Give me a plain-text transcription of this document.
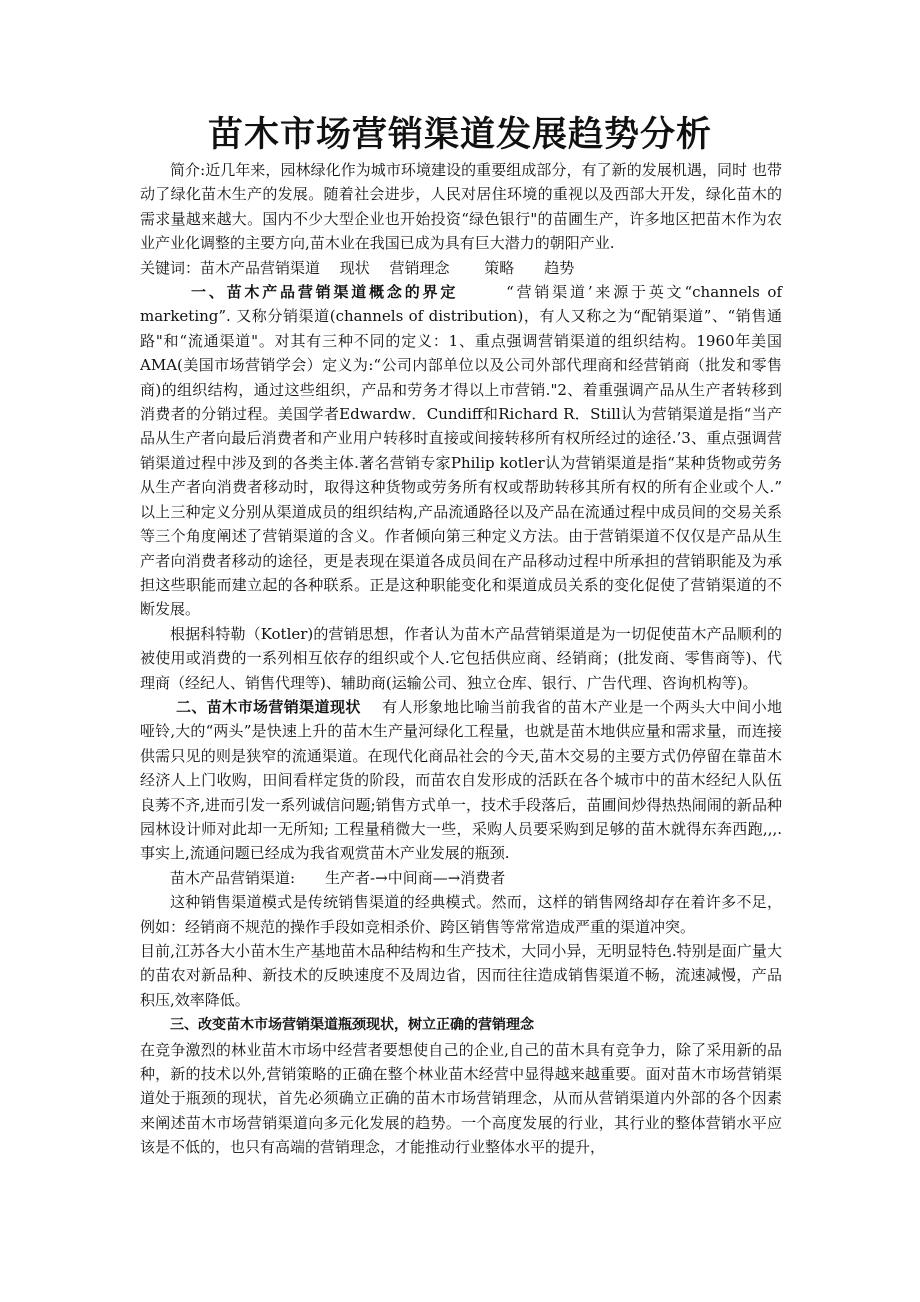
苗木市场营销渠道发展趋势分析

简介:近几年来，园林绿化作为城市环境建设的重要组成部分，有了新的发展机遇，同时 也带动了绿化苗木生产的发展。随着社会进步，人民对居住环境的重视以及西部大开发，绿化苗木的需求量越来越大。国内不少大型企业也开始投资“绿色银行"的苗圃生产，许多地区把苗木作为农业产业化调整的主要方向,苗木业在我国已成为具有巨大潜力的朝阳产业.

关键词：苗木产品营销渠道　 现状　 营销理念　　 策略　　趋势

一、苗木产品营销渠道概念的界定	“营销渠道’来源于英文“channels of marketing”. 又称分销渠道(channels of distribution)，有人又称之为“配销渠道”、“销售通路"和“流通渠道"。对其有三种不同的定义：1、重点强调营销渠道的组织结构。1960年美国AMA(美国市场营销学会）定义为:“公司内部单位以及公司外部代理商和经营销商（批发和零售商)的组织结构，通过这些组织，产品和劳务才得以上市营销."2、着重强调产品从生产者转移到消费者的分销过程。美国学者Edwardw．Cundiff和Richard R．Still认为营销渠道是指“当产品从生产者向最后消费者和产业用户转移时直接或间接转移所有权所经过的途径.’3、重点强调营销渠道过程中涉及到的各类主体.著名营销专家Philip kotler认为营销渠道是指“某种货物或劳务从生产者向消费者移动时，取得这种货物或劳务所有权或帮助转移其所有权的所有企业或个人.”　以上三种定义分别从渠道成员的组织结构,产品流通路径以及产品在流通过程中成员间的交易关系等三个角度阐述了营销渠道的含义。作者倾向第三种定义方法。由于营销渠道不仅仅是产品从生产者向消费者移动的途径，更是表现在渠道各成员间在产品移动过程中所承担的营销职能及为承担这些职能而建立起的各种联系。正是这种职能变化和渠道成员关系的变化促使了营销渠道的不断发展。

根据科特勒（Kotler)的营销思想，作者认为苗木产品营销渠道是为一切促使苗木产品顺利的被使用或消费的一系列相互依存的组织或个人.它包括供应商、经销商；(批发商、零售商等)、代理商（经纪人、销售代理等)、辅助商(运输公司、独立仓库、银行、广告代理、咨询机构等)。

二、苗木市场营销渠道现状 有人形象地比喻当前我省的苗木产业是一个两头大中间小地哑铃,大的“两头”是快速上升的苗木生产量河绿化工程量，也就是苗木地供应量和需求量，而连接供需只见的则是狭窄的流通渠道。在现代化商品社会的今天,苗木交易的主要方式仍停留在靠苗木经济人上门收购，田间看样定货的阶段，而苗农自发形成的活跃在各个城市中的苗木经纪人队伍良莠不齐,进而引发一系列诚信问题;销售方式单一，技术手段落后，苗圃间炒得热热闹闹的新品种园林设计师对此却一无所知; 工程量稍微大一些，采购人员要采购到足够的苗木就得东奔西跑,,,.事实上,流通问题已经成为我省观赏苗木产业发展的瓶颈.

苗木产品营销渠道:　　生产者-→中间商—→消费者

这种销售渠道模式是传统销售渠道的经典模式。然而，这样的销售网络却存在着许多不足，例如：经销商不规范的操作手段如竞相杀价、跨区销售等常常造成严重的渠道冲突。

目前,江苏各大小苗木生产基地苗木品种结构和生产技术，大同小异，无明显特色.特别是面广量大的苗农对新品种、新技术的反映速度不及周边省，因而往往造成销售渠道不畅，流速减慢，产品积压,效率降低。

三、改变苗木市场营销渠道瓶颈现状，树立正确的营销理念

在竞争激烈的林业苗木市场中经营者要想使自己的企业,自己的苗木具有竞争力，除了采用新的品种，新的技术以外,营销策略的正确在整个林业苗木经营中显得越来越重要。面对苗木市场营销渠道处于瓶颈的现状，首先必须确立正确的苗木市场营销理念，从而从营销渠道内外部的各个因素来阐述苗木市场营销渠道向多元化发展的趋势。一个高度发展的行业，其行业的整体营销水平应该是不低的，也只有高端的营销理念，才能推动行业整体水平的提升，
